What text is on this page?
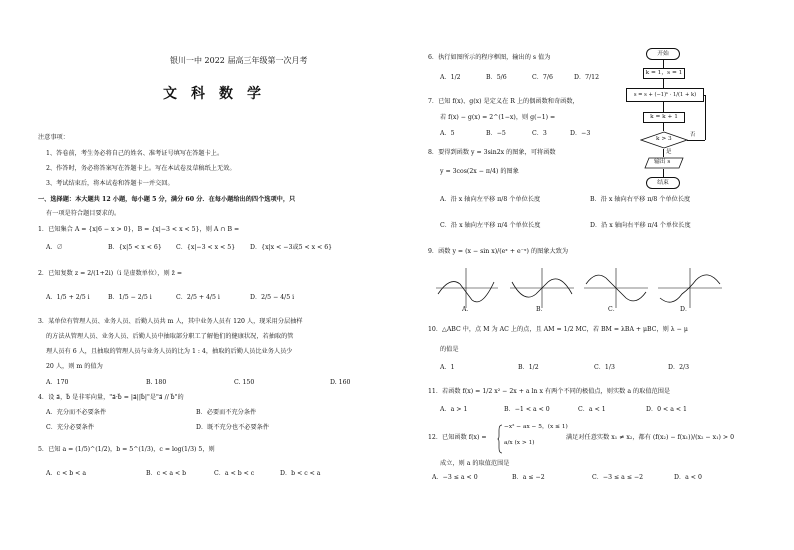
银川一中 2022 届高三年级第一次月考
文科数学
注意事项：
1、答卷前，考生务必将自己的姓名、准考证号填写在答题卡上。
2、作答时，务必将答案写在答题卡上。写在本试卷及草稿纸上无效。
3、考试结束后，将本试卷和答题卡一并交回。
一、选择题：本大题共 12 小题，每小题 5 分，满分 60 分．在每小题给出的四个选项中，只
有一项是符合题目要求的。
1．已知集合 A = {x|6 − x > 0}，B = {x|−3 < x < 5}，则 A ∩ B =
A．∅	B．{x|5 < x < 6} C．{x|−3 < x < 5} D．{x|x < −3或5 < x < 6}
2．已知复数 z = 2/(1+2i)（i 是虚数单位），则 z̄ =
A．1/5 + 2/5 i	B．1/5 − 2/5 i	C．2/5 + 4/5 i	D．2/5 − 4/5 i
3．某单位有管理人员、业务人员、后勤人员共 m 人，其中业务人员有 120 人，现采用分层抽样
的方法从管理人员、业务人员、后勤人员中抽取部分职工了解他们的健康状况，若抽取的管
理人员有 6 人，且抽取的管理人员与业务人员的比为 1 : 4，抽取的后勤人员比业务人员少
20 人，则 m 的值为
A．170	B. 180	C. 150	D. 160
4．设 a⃗，b⃗ 是非零向量，"a⃗·b⃗ = |a⃗||b⃗|"是"a⃗ // b⃗"的
A．充分而不必要条件	B．必要而不充分条件
C．充分必要条件	D．既不充分也不必要条件
5．已知 a = (1/5)^(1/2)，b = 5^(1/3)，c = log(1/3) 5，则
A．c < b < a	B．c < a < b	C．a < b < c	D．b < c < a
6．执行如图所示的程序框图，输出的 s 值为
A．1/2	B．5/6	C．7/6	D．7/12
7．已知 f(x)、g(x) 是定义在 R 上的偶函数和奇函数，
若 f(x) − g(x) = 2^(1−x)，则 g(−1) =
A．5	B．−5	C．3	D．−3
8．要得到函数 y = 3sin2x 的图象，可将函数
y = 3cos(2x − π/4) 的图象
A．沿 x 轴向左平移 π/8 个单位长度	B．沿 x 轴向右平移 π/8 个单位长度
C．沿 x 轴向左平移 π/4 个单位长度	D．沿 x 轴向右平移 π/4 个单位长度
9．函数 y = (x − sin x)/(eˣ + e⁻ˣ) 的图象大致为
A．	B．	C．	D．
10．△ABC 中，点 M 为 AC 上的点，且 AM = 1/2 MC，若 BM = λBA + μBC，则 λ − μ
的值是
A．1	B．1/2	C．1/3	D．2/3
11．若函数 f(x) = 1/2 x² − 2x + a ln x 有两个不同的极值点，则实数 a 的取值范围是
A．a > 1	B．−1 < a < 0	C．a < 1	D．0 < a < 1
12．已知函数 f(x) =
−x² − ax − 5，(x ≤ 1)
a/x (x > 1)
满足对任意实数 x₁ ≠ x₂，都有 (f(x₂) − f(x₁))/(x₂ − x₁) > 0
成立，则 a 的取值范围是
A．−3 ≤ a < 0	B．a ≤ −2	C．−3 ≤ a ≤ −2	D．a < 0
开始
k = 1，s = 1
s = s + (−1)ᵏ · 1/(1 + k)
k = k + 1
k > 3
否
是
输出 s
结束
